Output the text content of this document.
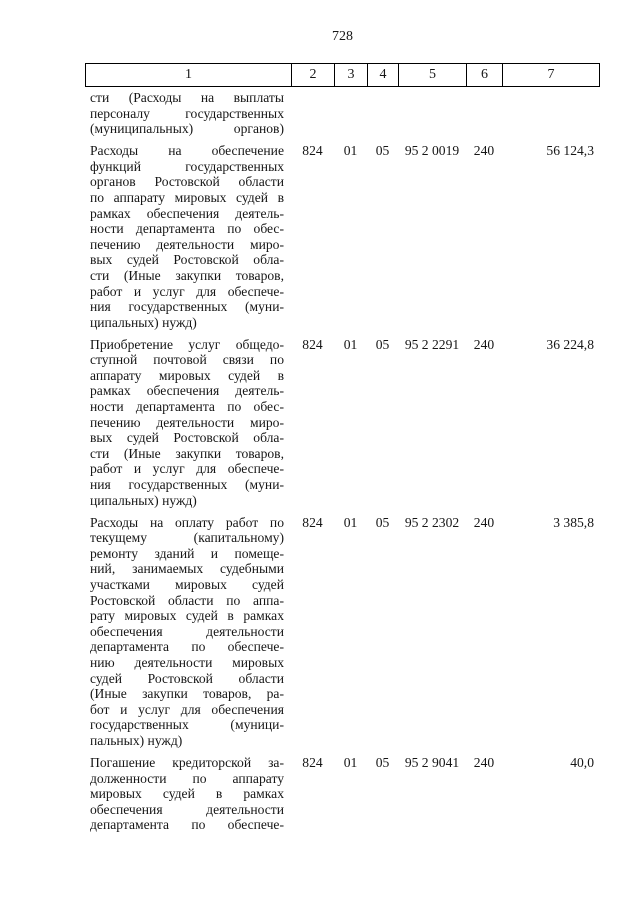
728
1	2	3	4	5	6	7
сти (Расходы на выплаты
персоналу государственных
(муниципальных) органов)
Расходы на обеспечение
функций государственных
органов Ростовской области
по аппарату мировых судей в
рамках обеспечения деятель-
ности департамента по обес-
печению деятельности миро-
вых судей Ростовской обла-
сти (Иные закупки товаров,
работ и услуг для обеспече-
ния государственных (муни-
ципальных) нужд)
824	01	05	95 2 0019	240	56 124,3
Приобретение услуг общедо-
ступной почтовой связи по
аппарату мировых судей в
рамках обеспечения деятель-
ности департамента по обес-
печению деятельности миро-
вых судей Ростовской обла-
сти (Иные закупки товаров,
работ и услуг для обеспече-
ния государственных (муни-
ципальных) нужд)
824	01	05	95 2 2291	240	36 224,8
Расходы на оплату работ по
текущему (капитальному)
ремонту зданий и помеще-
ний, занимаемых судебными
участками мировых судей
Ростовской области по аппа-
рату мировых судей в рамках
обеспечения деятельности
департамента по обеспече-
нию деятельности мировых
судей Ростовской области
(Иные закупки товаров, ра-
бот и услуг для обеспечения
государственных (муници-
пальных) нужд)
824	01	05	95 2 2302	240	3 385,8
Погашение кредиторской за-
долженности по аппарату
мировых судей в рамках
обеспечения деятельности
департамента по обеспече-
824	01	05	95 2 9041	240	40,0
